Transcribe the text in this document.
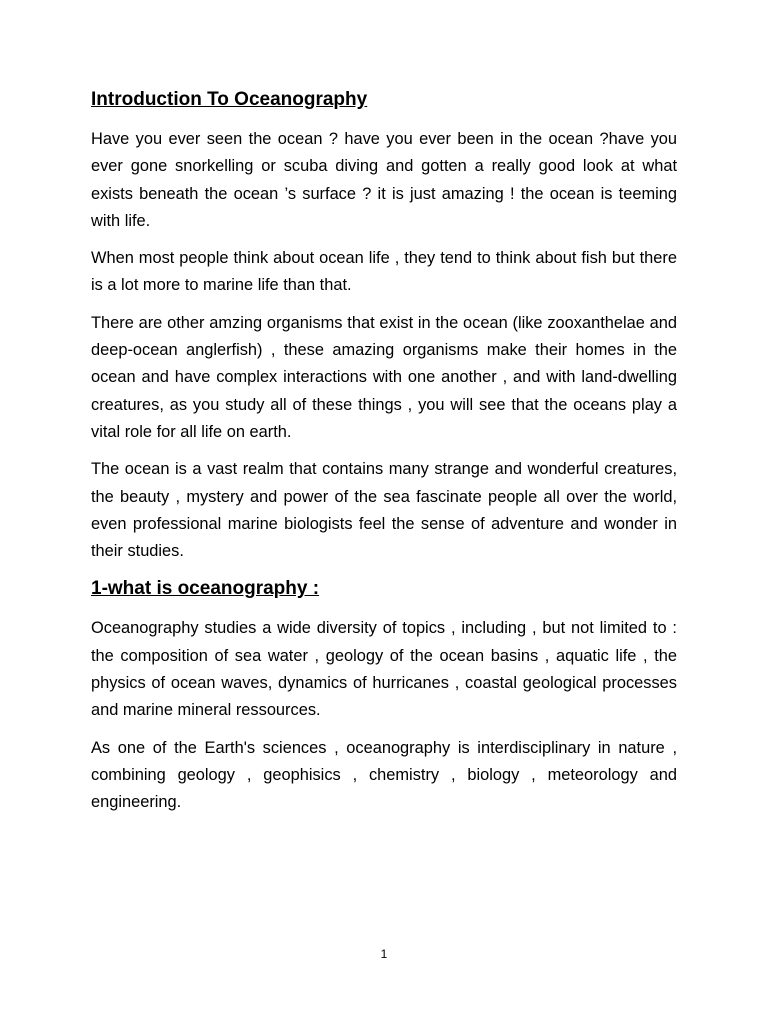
Introduction To Oceanography

Have you ever seen the ocean ? have you ever been in the ocean ?have you ever gone snorkelling or scuba diving and gotten a really good look at what exists beneath the ocean ’s surface ? it is just amazing ! the ocean is teeming with life.

When most people think about ocean life , they tend to think about fish but there is a lot more to marine life than that.

There are other amzing organisms that exist in the ocean (like zooxanthelae and deep-ocean anglerfish) , these amazing organisms make their homes in the ocean and have complex interactions with one another , and with land-dwelling creatures, as you study all of these things , you will see that the oceans play a vital role for all life on earth.

The ocean is a vast realm that contains many strange and wonderful creatures, the beauty , mystery and power of the sea fascinate people all over the world, even professional marine biologists feel the sense of adventure and wonder in their studies.

1-what is oceanography :

Oceanography studies a wide diversity of topics , including , but not limited to : the composition of sea water , geology of the ocean basins , aquatic life , the physics of ocean waves, dynamics of hurricanes , coastal geological processes and marine mineral ressources.

As one of the Earth's sciences , oceanography is interdisciplinary in nature , combining geology , geophisics , chemistry , biology , meteorology and engineering.

1
